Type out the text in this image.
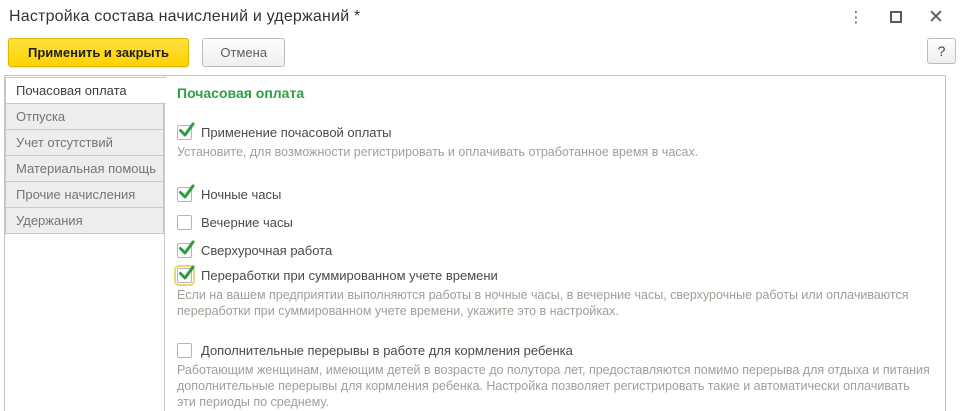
Настройка состава начислений и удержаний *	⋮	✕
Применить и закрыть	Отмена	?
Почасовая оплата
Отпуска
Учет отсутствий
Материальная помощь
Прочие начисления
Удержания
Почасовая оплата
Применение почасовой оплаты
Установите, для возможности регистрировать и оплачивать отработанное время в часах.
Ночные часы
Вечерние часы
Сверхурочная работа
Переработки при суммированном учете времени
Если на вашем предприятии выполняются работы в ночные часы, в вечерние часы, сверхурочные работы или оплачиваются переработки при суммированном учете времени, укажите это в настройках.
Дополнительные перерывы в работе для кормления ребенка
Работающим женщинам, имеющим детей в возрасте до полутора лет, предоставляются помимо перерыва для отдыха и питания дополнительные перерывы для кормления ребенка. Настройка позволяет регистрировать такие и автоматически оплачивать эти периоды по среднему.
